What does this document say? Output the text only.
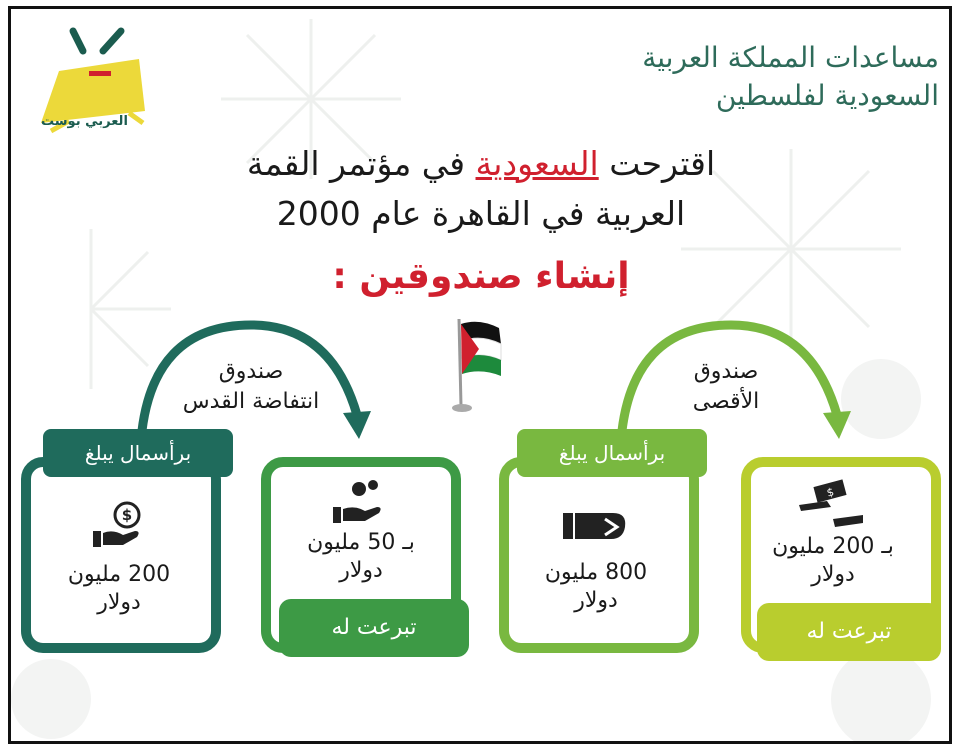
العربي بوست
مساعدات المملكة العربية
السعودية لفلسطين
اقترحت السعودية في مؤتمر القمة
العربية في القاهرة عام 2000
إنشاء صندوقين :
صندوق
انتفاضة القدس
برأسمال يبلغ
$
200 مليون
دولار
بـ 50 مليون
دولار
تبرعت له
صندوق
الأقصى
برأسمال يبلغ
800 مليون
دولار
$
بـ 200 مليون
دولار
تبرعت له
